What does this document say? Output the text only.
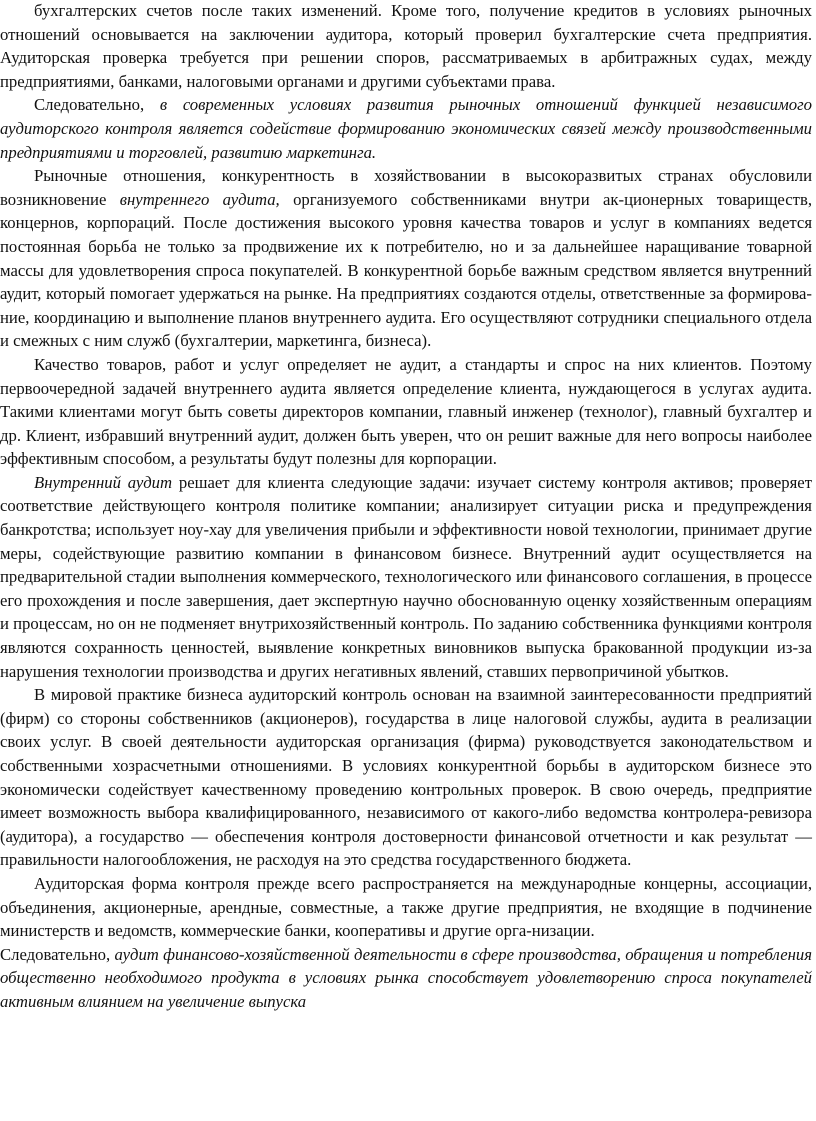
бухгалтерских счетов после таких изменений. Кроме того, получение кредитов в условиях рыночных отношений основывается на заключении аудитора, который проверил бухгалтерские счета предприятия. Аудиторская проверка требуется при решении споров, рассматриваемых в арбитражных судах, между предприятиями, банками, налоговыми органами и другими субъектами права.

Следовательно, в современных условиях развития рыночных отношений функцией независимого аудиторского контроля является содействие формированию экономических связей между производственными предприятиями и торговлей, развитию маркетинга.

Рыночные отношения, конкурентность в хозяйствовании в высокоразвитых странах обусловили возникновение внутреннего аудита, организуемого собственниками внутри ак-ционерных товариществ, концернов, корпораций. После достижения высокого уровня качества товаров и услуг в компаниях ведется постоянная борьба не только за продвижение их к потребителю, но и за дальнейшее наращивание товарной массы для удовлетворения спроса покупателей. В конкурентной борьбе важным средством является внутренний аудит, который помогает удержаться на рынке. На предприятиях создаются отделы, ответственные за формирова-ние, координацию и выполнение планов внутреннего аудита. Его осуществляют сотрудники специального отдела и смежных с ним служб (бухгалтерии, маркетинга, бизнеса).

Качество товаров, работ и услуг определяет не аудит, а стандарты и спрос на них клиентов. Поэтому первоочередной задачей внутреннего аудита является определение клиента, нуждающегося в услугах аудита. Такими клиентами могут быть советы директоров компании, главный инженер (технолог), главный бухгалтер и др. Клиент, избравший внутренний аудит, должен быть уверен, что он решит важные для него вопросы наиболее эффективным способом, а результаты будут полезны для корпорации.

Внутренний аудит решает для клиента следующие задачи: изучает систему контроля активов; проверяет соответствие действующего контроля политике компании; анализирует ситуации риска и предупреждения банкротства; использует ноу-хау для увеличения прибыли и эффективности новой технологии, принимает другие меры, содействующие развитию компании в финансовом бизнесе. Внутренний аудит осуществляется на предварительной стадии выполнения коммерческого, технологического или финансового соглашения, в процессе его прохождения и после завершения, дает экспертную научно обоснованную оценку хозяйственным операциям и процессам, но он не подменяет внутрихозяйственный контроль. По заданию собственника функциями контроля являются сохранность ценностей, выявление конкретных виновников выпуска бракованной продукции из-за нарушения технологии производства и других негативных явлений, ставших первопричиной убытков.

В мировой практике бизнеса аудиторский контроль основан на взаимной заинтересованности предприятий (фирм) со стороны собственников (акционеров), государства в лице налоговой службы, аудита в реализации своих услуг. В своей деятельности аудиторская организация (фирма) руководствуется законодательством и собственными хозрасчетными отношениями. В условиях конкурентной борьбы в аудиторском бизнесе это экономически содействует качественному проведению контрольных проверок. В свою очередь, предприятие имеет возможность выбора квалифицированного, независимого от какого-либо ведомства контролера-ревизора (аудитора), а государство — обеспечения контроля достоверности финансовой отчетности и как результат — правильности налогообложения, не расходуя на это средства государственного бюджета.

Аудиторская форма контроля прежде всего распространяется на международные концерны, ассоциации, объединения, акционерные, арендные, совместные, а также другие предприятия, не входящие в подчинение министерств и ведомств, коммерческие банки, кооперативы и другие орга-низации.

Следовательно, аудит финансово-хозяйственной деятельности в сфере производства, обращения и потребления общественно необходимого продукта в условиях рынка способствует удовлетворению спроса покупателей активным влиянием на увеличение выпуска
